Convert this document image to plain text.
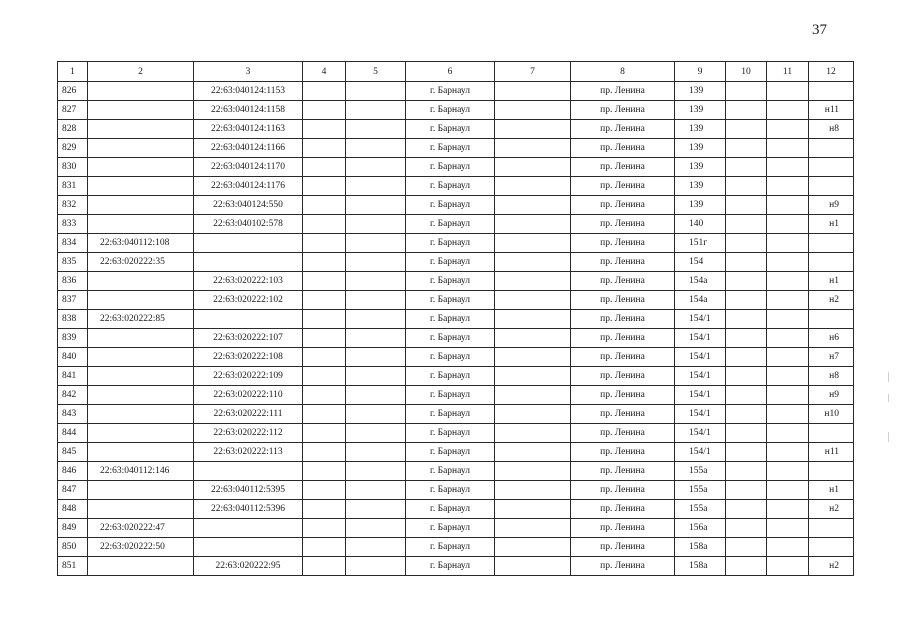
37
1	2	3	4	5	6	7	8	9	10	11	12
826		22:63:040124:1153			г. Барнаул		пр. Ленина	139			
827		22:63:040124:1158			г. Барнаул		пр. Ленина	139			н11
828		22:63:040124:1163			г. Барнаул		пр. Ленина	139			н8
829		22:63:040124:1166			г. Барнаул		пр. Ленина	139			
830		22:63:040124:1170			г. Барнаул		пр. Ленина	139			
831		22:63:040124:1176			г. Барнаул		пр. Ленина	139			
832		22:63:040124:550			г. Барнаул		пр. Ленина	139			н9
833		22:63:040102:578			г. Барнаул		пр. Ленина	140			н1
834	22:63:040112:108				г. Барнаул		пр. Ленина	151г			
835	22:63:020222:35				г. Барнаул		пр. Ленина	154			
836		22:63:020222:103			г. Барнаул		пр. Ленина	154а			н1
837		22:63:020222:102			г. Барнаул		пр. Ленина	154а			н2
838	22:63:020222:85				г. Барнаул		пр. Ленина	154/1			
839		22:63:020222:107			г. Барнаул		пр. Ленина	154/1			н6
840		22:63:020222:108			г. Барнаул		пр. Ленина	154/1			н7
841		22:63:020222:109			г. Барнаул		пр. Ленина	154/1			н8
842		22:63:020222:110			г. Барнаул		пр. Ленина	154/1			н9
843		22:63:020222:111			г. Барнаул		пр. Ленина	154/1			н10
844		22:63:020222:112			г. Барнаул		пр. Ленина	154/1			
845		22:63:020222:113			г. Барнаул		пр. Ленина	154/1			н11
846	22:63:040112:146				г. Барнаул		пр. Ленина	155а			
847		22:63:040112:5395			г. Барнаул		пр. Ленина	155а			н1
848		22:63:040112:5396			г. Барнаул		пр. Ленина	155а			н2
849	22:63:020222:47				г. Барнаул		пр. Ленина	156а			
850	22:63:020222:50				г. Барнаул		пр. Ленина	158а			
851		22:63:020222:95			г. Барнаул		пр. Ленина	158а			н2
